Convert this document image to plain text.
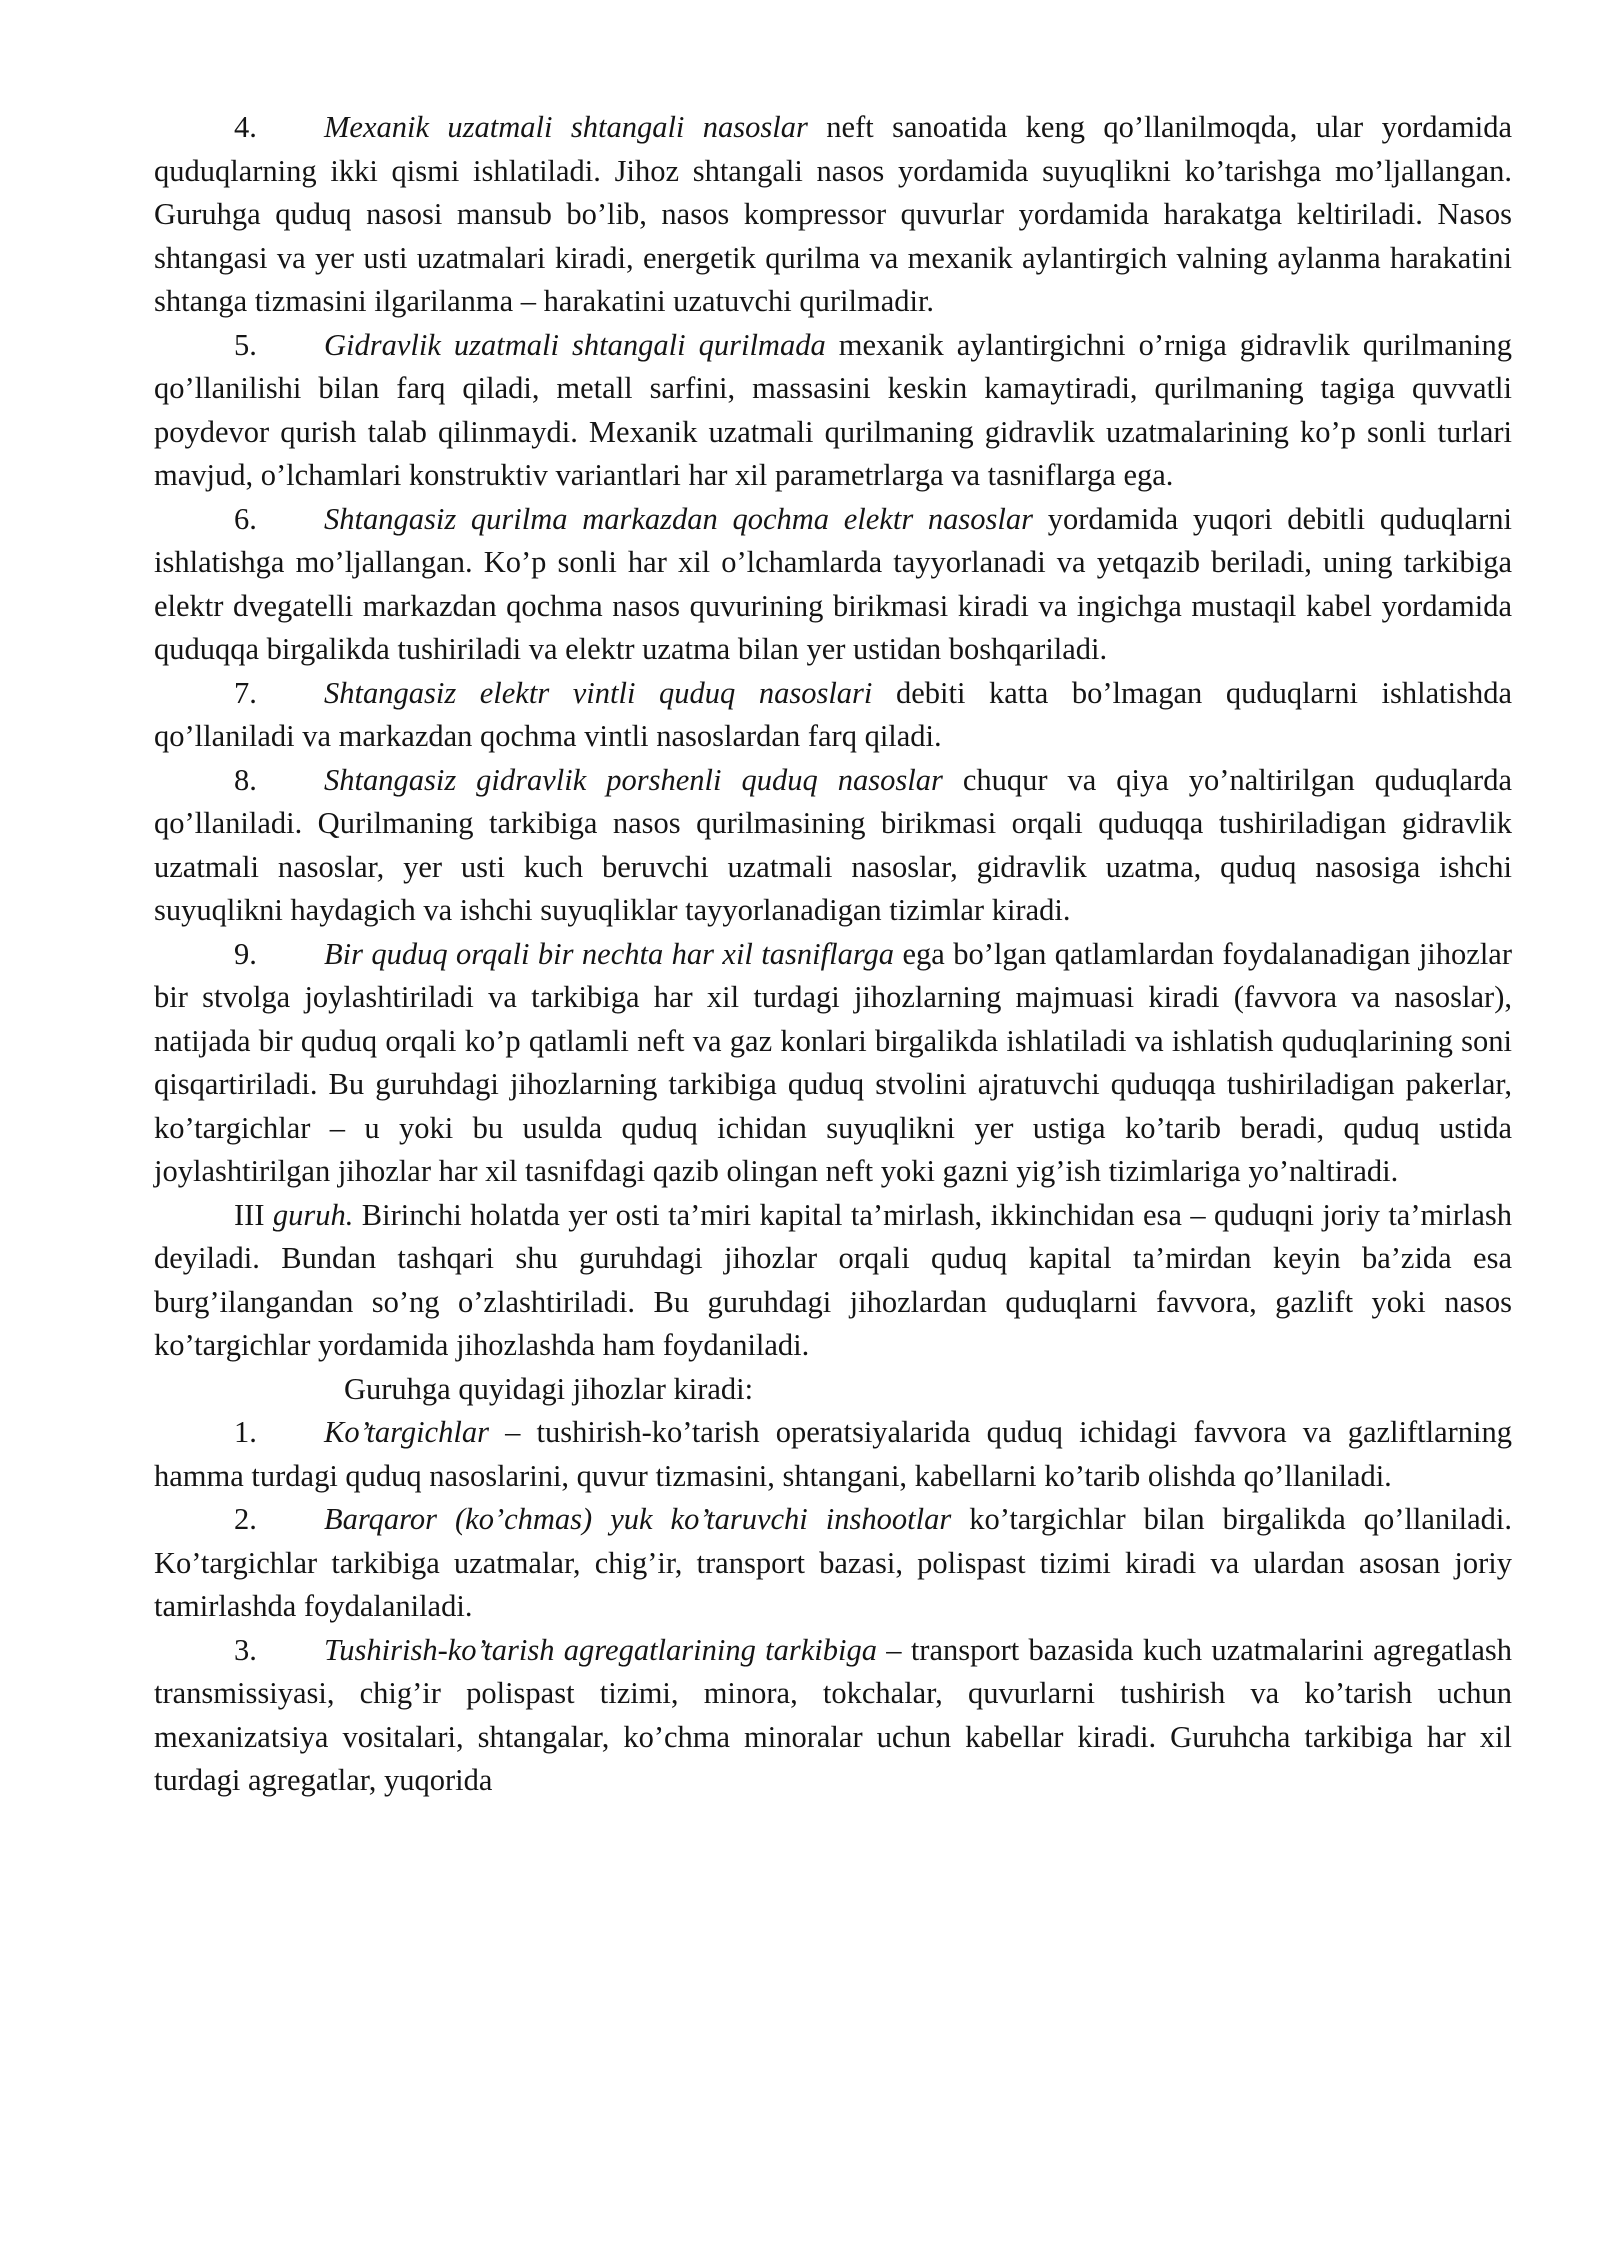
4. Mexanik uzatmali shtangali nasoslar neft sanoatida keng qo’llanilmoqda, ular yordamida quduqlarning ikki qismi ishlatiladi. Jihoz shtangali nasos yordamida suyuqlikni ko’tarishga mo’ljallangan. Guruhga quduq nasosi mansub bo’lib, nasos kompressor quvurlar yordamida harakatga keltiriladi. Nasos shtangasi va yer usti uzatmalari kiradi, energetik qurilma va mexanik aylantirgich valning aylanma harakatini shtanga tizmasini ilgarilanma – harakatini uzatuvchi qurilmadir.

5. Gidravlik uzatmali shtangali qurilmada mexanik aylantirgichni o’rniga gidravlik qurilmaning qo’llanilishi bilan farq qiladi, metall sarfini, massasini keskin kamaytiradi, qurilmaning tagiga quvvatli poydevor qurish talab qilinmaydi. Mexanik uzatmali qurilmaning gidravlik uzatmalarining ko’p sonli turlari mavjud, o’lchamlari konstruktiv variantlari har xil parametrlarga va tasniflarga ega.

6. Shtangasiz qurilma markazdan qochma elektr nasoslar yordamida yuqori debitli quduqlarni ishlatishga mo’ljallangan. Ko’p sonli har xil o’lchamlarda tayyorlanadi va yetqazib beriladi, uning tarkibiga elektr dvegatelli markazdan qochma nasos quvurining birikmasi kiradi va ingichga mustaqil kabel yordamida quduqqa birgalikda tushiriladi va elektr uzatma bilan yer ustidan boshqariladi.

7. Shtangasiz elektr vintli quduq nasoslari debiti katta bo’lmagan quduqlarni ishlatishda qo’llaniladi va markazdan qochma vintli nasoslardan farq qiladi.

8. Shtangasiz gidravlik porshenli quduq nasoslar chuqur va qiya yo’naltirilgan quduqlarda qo’llaniladi. Qurilmaning tarkibiga nasos qurilmasining birikmasi orqali quduqqa tushiriladigan gidravlik uzatmali nasoslar, yer usti kuch beruvchi uzatmali nasoslar, gidravlik uzatma, quduq nasosiga ishchi suyuqlikni haydagich va ishchi suyuqliklar tayyorlanadigan tizimlar kiradi.

9. Bir quduq orqali bir nechta har xil tasniflarga ega bo’lgan qatlamlardan foydalanadigan jihozlar bir stvolga joylashtiriladi va tarkibiga har xil turdagi jihozlarning majmuasi kiradi (favvora va nasoslar), natijada bir quduq orqali ko’p qatlamli neft va gaz konlari birgalikda ishlatiladi va ishlatish quduqlarining soni qisqartiriladi. Bu guruhdagi jihozlarning tarkibiga quduq stvolini ajratuvchi quduqqa tushiriladigan pakerlar, ko’targichlar – u yoki bu usulda quduq ichidan suyuqlikni yer ustiga ko’tarib beradi, quduq ustida joylashtirilgan jihozlar har xil tasnifdagi qazib olingan neft yoki gazni yig’ish tizimlariga yo’naltiradi.

III guruh. Birinchi holatda yer osti ta’miri kapital ta’mirlash, ikkinchidan esa – quduqni joriy ta’mirlash deyiladi. Bundan tashqari shu guruhdagi jihozlar orqali quduq kapital ta’mirdan keyin ba’zida esa burg’ilangandan so’ng o’zlashtiriladi. Bu guruhdagi jihozlardan quduqlarni favvora, gazlift yoki nasos ko’targichlar yordamida jihozlashda ham foydaniladi.

Guruhga quyidagi jihozlar kiradi:

1. Ko’targichlar – tushirish-ko’tarish operatsiyalarida quduq ichidagi favvora va gazliftlarning hamma turdagi quduq nasoslarini, quvur tizmasini, shtangani, kabellarni ko’tarib olishda qo’llaniladi.

2. Barqaror (ko’chmas) yuk ko’taruvchi inshootlar ko’targichlar bilan birgalikda qo’llaniladi. Ko’targichlar tarkibiga uzatmalar, chig’ir, transport bazasi, polispast tizimi kiradi va ulardan asosan joriy tamirlashda foydalaniladi.

3. Tushirish-ko’tarish agregatlarining tarkibiga – transport bazasida kuch uzatmalarini agregatlash transmissiyasi, chig’ir polispast tizimi, minora, tokchalar, quvurlarni tushirish va ko’tarish uchun mexanizatsiya vositalari, shtangalar, ko’chma minoralar uchun kabellar kiradi. Guruhcha tarkibiga har xil turdagi agregatlar, yuqorida
